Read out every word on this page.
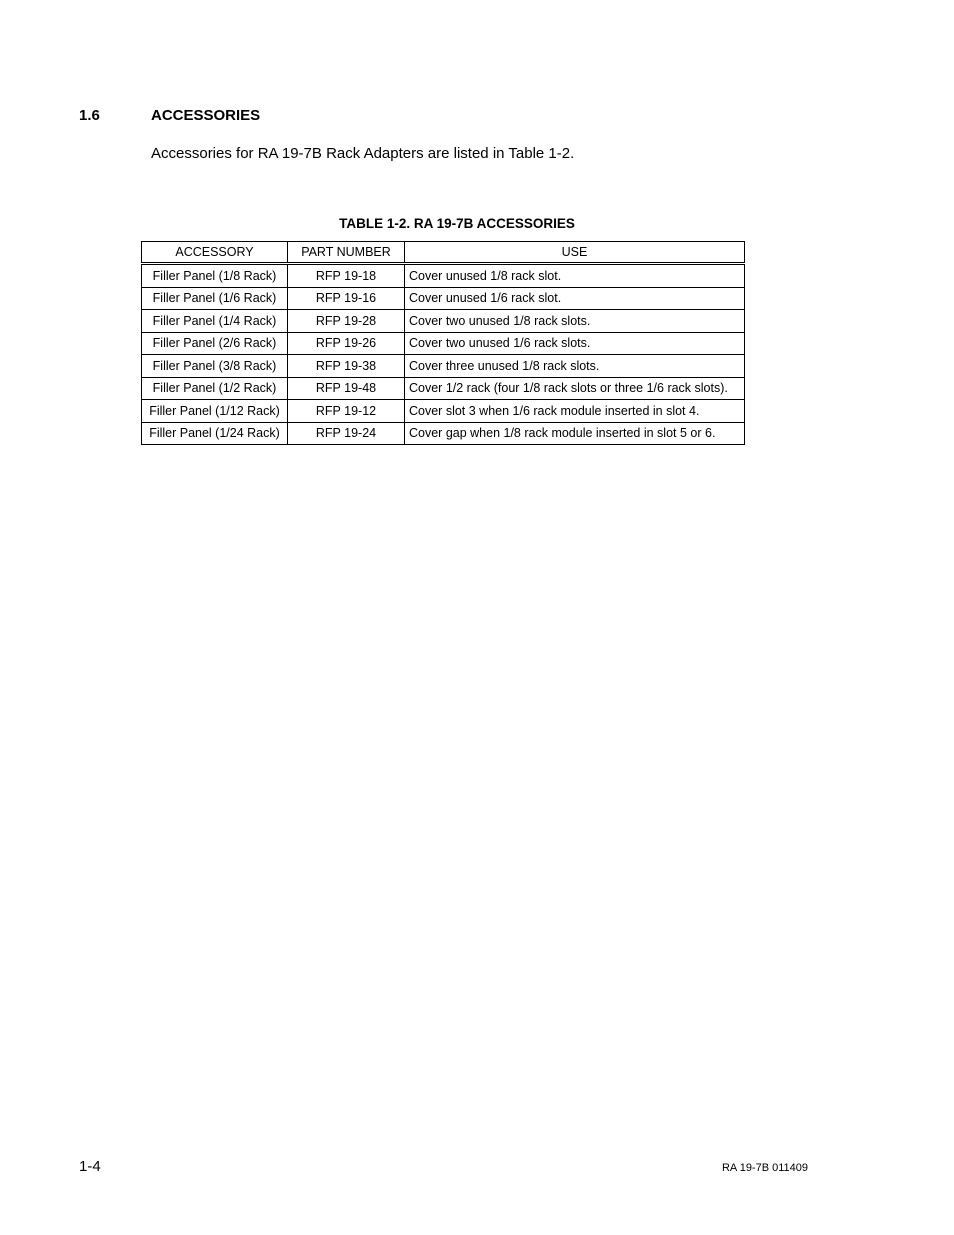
1.6	ACCESSORIES
Accessories for RA 19-7B Rack Adapters are listed in Table 1-2.
TABLE 1-2. RA 19-7B ACCESSORIES
ACCESSORY	PART NUMBER	USE
Filler Panel (1/8 Rack)	RFP 19-18	Cover unused 1/8 rack slot.
Filler Panel (1/6 Rack)	RFP 19-16	Cover unused 1/6 rack slot.
Filler Panel (1/4 Rack)	RFP 19-28	Cover two unused 1/8 rack slots.
Filler Panel (2/6 Rack)	RFP 19-26	Cover two unused 1/6 rack slots.
Filler Panel (3/8 Rack)	RFP 19-38	Cover three unused 1/8 rack slots.
Filler Panel (1/2 Rack)	RFP 19-48	Cover 1/2 rack (four 1/8 rack slots or three 1/6 rack slots).
Filler Panel (1/12 Rack)	RFP 19-12	Cover slot 3 when 1/6 rack module inserted in slot 4.
Filler Panel (1/24 Rack)	RFP 19-24	Cover gap when 1/8 rack module inserted in slot 5 or 6.
1-4	RA 19-7B 011409
